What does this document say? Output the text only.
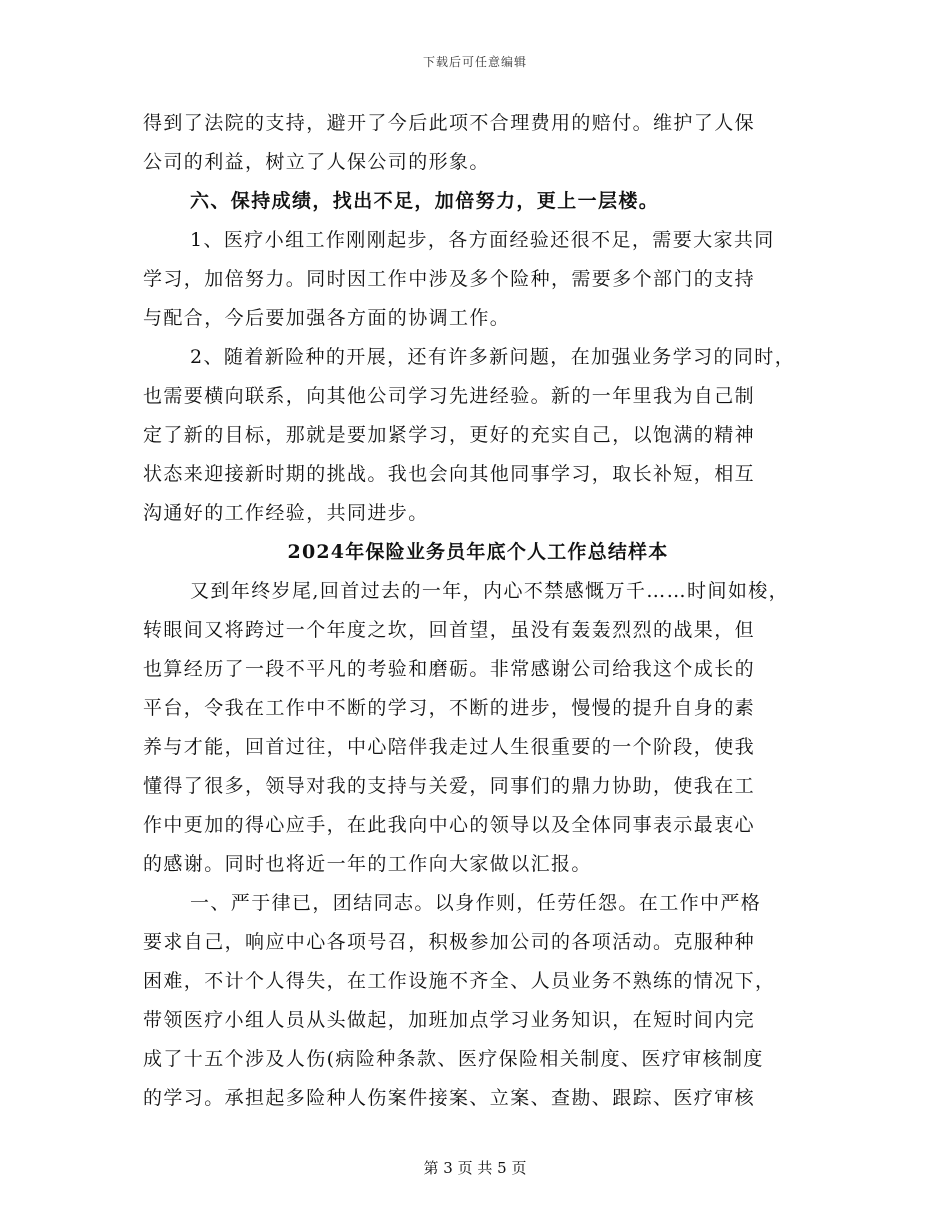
下载后可任意编辑
得到了法院的支持，避开了今后此项不合理费用的赔付。维护了人保
公司的利益，树立了人保公司的形象。
六、保持成绩，找出不足，加倍努力，更上一层楼。
1、医疗小组工作刚刚起步，各方面经验还很不足，需要大家共同
学习，加倍努力。同时因工作中涉及多个险种，需要多个部门的支持
与配合，今后要加强各方面的协调工作。
2、随着新险种的开展，还有许多新问题，在加强业务学习的同时，
也需要横向联系，向其他公司学习先进经验。新的一年里我为自己制
定了新的目标，那就是要加紧学习，更好的充实自己，以饱满的精神
状态来迎接新时期的挑战。我也会向其他同事学习，取长补短，相互
沟通好的工作经验，共同进步。
2024年保险业务员年底个人工作总结样本
又到年终岁尾,回首过去的一年，内心不禁感慨万千……时间如梭，
转眼间又将跨过一个年度之坎，回首望，虽没有轰轰烈烈的战果，但
也算经历了一段不平凡的考验和磨砺。非常感谢公司给我这个成长的
平台，令我在工作中不断的学习，不断的进步，慢慢的提升自身的素
养与才能，回首过往，中心陪伴我走过人生很重要的一个阶段，使我
懂得了很多，领导对我的支持与关爱，同事们的鼎力协助，使我在工
作中更加的得心应手，在此我向中心的领导以及全体同事表示最衷心
的感谢。同时也将近一年的工作向大家做以汇报。
一、严于律已，团结同志。以身作则，任劳任怨。在工作中严格
要求自己，响应中心各项号召，积极参加公司的各项活动。克服种种
困难，不计个人得失，在工作设施不齐全、人员业务不熟练的情况下，
带领医疗小组人员从头做起，加班加点学习业务知识，在短时间内完
成了十五个涉及人伤(病险种条款、医疗保险相关制度、医疗审核制度
的学习。承担起多险种人伤案件接案、立案、查勘、跟踪、医疗审核
第 3 页 共 5 页
